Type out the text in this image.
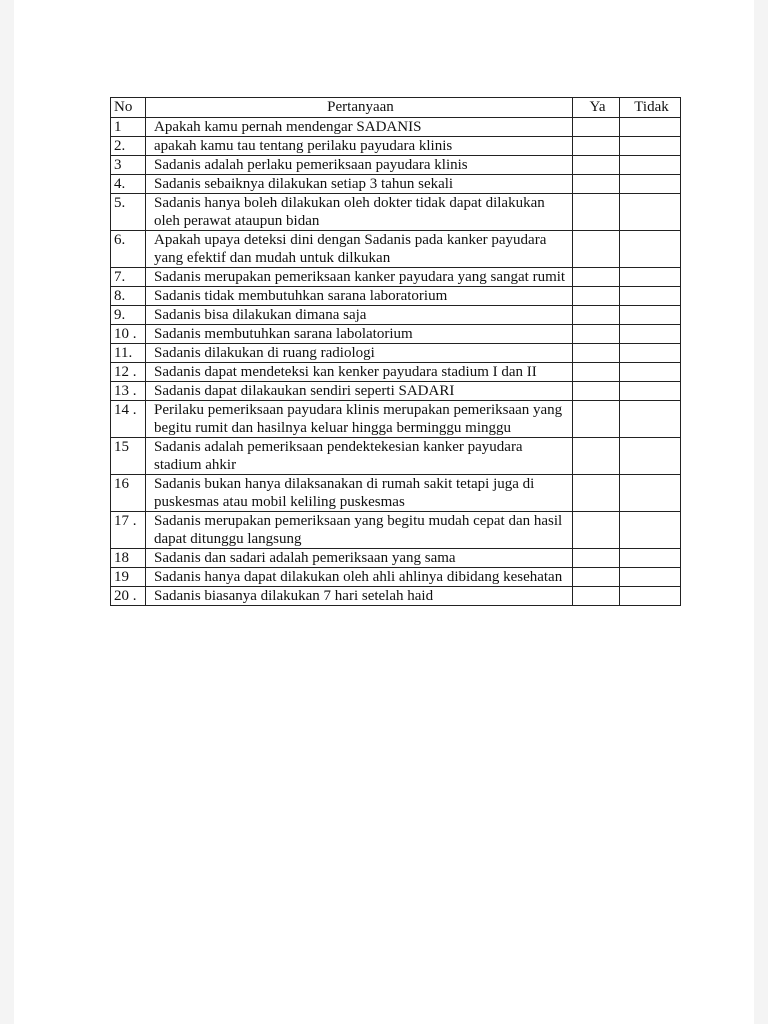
No	Pertanyaan	Ya	Tidak
1	Apakah kamu pernah mendengar SADANIS		
2.	apakah kamu tau tentang perilaku payudara klinis		
3	Sadanis adalah perlaku pemeriksaan payudara klinis		
4.	Sadanis sebaiknya dilakukan setiap 3 tahun sekali		
5.	Sadanis hanya boleh dilakukan oleh dokter tidak dapat dilakukan oleh perawat ataupun bidan		
6.	Apakah upaya deteksi dini dengan Sadanis pada kanker payudara yang efektif dan mudah untuk dilkukan		
7.	Sadanis merupakan pemeriksaan kanker payudara yang sangat rumit		
8.	Sadanis tidak membutuhkan sarana laboratorium		
9.	Sadanis bisa dilakukan dimana saja		
10 .	Sadanis membutuhkan sarana labolatorium		
11.	Sadanis dilakukan di ruang radiologi		
12 .	Sadanis dapat mendeteksi kan kenker payudara stadium I dan II		
13 .	Sadanis dapat dilakaukan sendiri seperti SADARI		
14 .	Perilaku pemeriksaan payudara klinis merupakan pemeriksaan yang begitu rumit dan hasilnya keluar hingga berminggu minggu		
15	Sadanis adalah pemeriksaan pendektekesian kanker payudara stadium ahkir		
16	Sadanis bukan hanya dilaksanakan di rumah sakit tetapi juga di puskesmas atau mobil keliling puskesmas		
17 .	Sadanis merupakan pemeriksaan yang begitu mudah cepat dan hasil dapat ditunggu langsung		
18	Sadanis dan sadari adalah pemeriksaan yang sama		
19	Sadanis hanya dapat dilakukan oleh ahli ahlinya dibidang kesehatan		
20 .	Sadanis biasanya dilakukan 7 hari setelah haid		
